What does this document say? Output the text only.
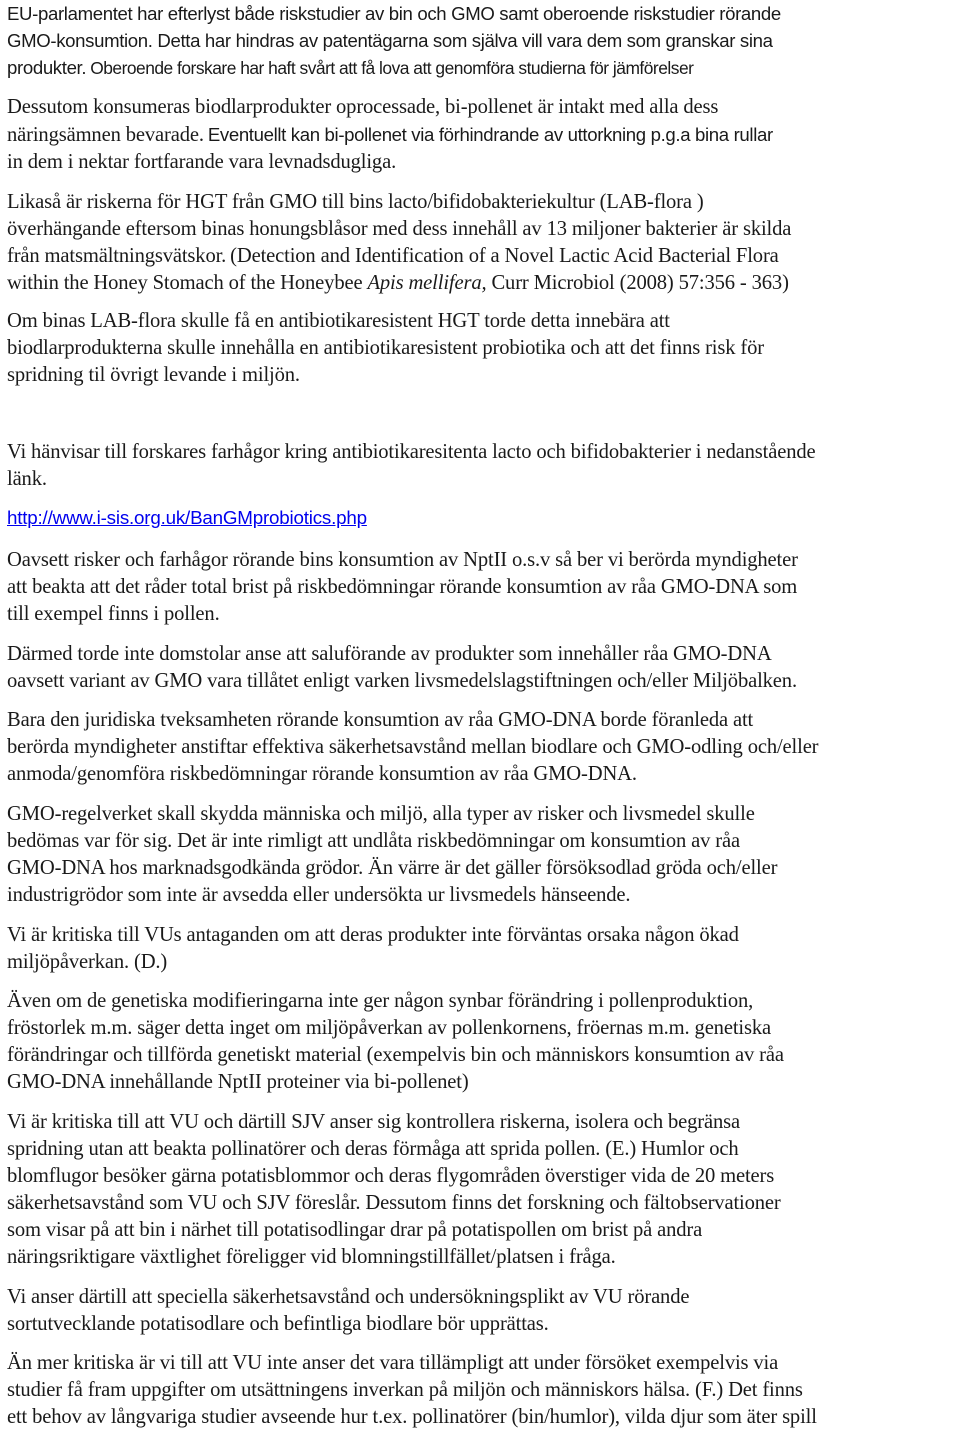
EU-parlamentet har efterlyst både riskstudier av bin och GMO samt oberoende riskstudier rörande
GMO-konsumtion. Detta har hindras av patentägarna som själva vill vara dem som granskar sina
produkter. Oberoende forskare har haft svårt att få lova att genomföra studierna för jämförelser
Dessutom konsumeras biodlarprodukter oprocessade, bi-pollenet är intakt med alla dess
näringsämnen bevarade. Eventuellt kan bi-pollenet via förhindrande av uttorkning p.g.a bina rullar
in dem i nektar fortfarande vara levnadsdugliga.
Likaså är riskerna för HGT från GMO till bins lacto/bifidobakteriekultur (LAB-flora )
överhängande eftersom binas honungsblåsor med dess innehåll av 13 miljoner bakterier är skilda
från matsmältningsvätskor. (Detection and Identification of a Novel Lactic Acid Bacterial Flora
within the Honey Stomach of the Honeybee Apis mellifera, Curr Microbiol (2008) 57:356 - 363)
Om binas LAB-flora skulle få en antibiotikaresistent HGT torde detta innebära att
biodlarprodukterna skulle innehålla en antibiotikaresistent probiotika och att det finns risk för
spridning til övrigt levande i miljön.
Vi hänvisar till forskares farhågor kring antibiotikaresitenta lacto och bifidobakterier i nedanstående
länk.
http://www.i-sis.org.uk/BanGMprobiotics.php
Oavsett risker och farhågor rörande bins konsumtion av NptII o.s.v så ber vi berörda myndigheter
att beakta att det råder total brist på riskbedömningar rörande konsumtion av råa GMO-DNA som
till exempel finns i pollen.
Därmed torde inte domstolar anse att saluförande av produkter som innehåller råa GMO-DNA
oavsett variant av GMO vara tillåtet enligt varken livsmedelslagstiftningen och/eller Miljöbalken.
Bara den juridiska tveksamheten rörande konsumtion av råa GMO-DNA borde föranleda att
berörda myndigheter anstiftar effektiva säkerhetsavstånd mellan biodlare och GMO-odling och/eller
anmoda/genomföra riskbedömningar rörande konsumtion av råa GMO-DNA.
GMO-regelverket skall skydda människa och miljö, alla typer av risker och livsmedel skulle
bedömas var för sig. Det är inte rimligt att undlåta riskbedömningar om konsumtion av råa
GMO-DNA hos marknadsgodkända grödor. Än värre är det gäller försöksodlad gröda och/eller
industrigrödor som inte är avsedda eller undersökta ur livsmedels hänseende.
Vi är kritiska till VUs antaganden om att deras produkter inte förväntas orsaka någon ökad
miljöpåverkan. (D.)
Även om de genetiska modifieringarna inte ger någon synbar förändring i pollenproduktion,
fröstorlek m.m. säger detta inget om miljöpåverkan av pollenkornens, fröernas m.m. genetiska
förändringar och tillförda genetiskt material (exempelvis bin och människors konsumtion av råa
GMO-DNA innehållande NptII proteiner via bi-pollenet)
Vi är kritiska till att VU och därtill SJV anser sig kontrollera riskerna, isolera och begränsa
spridning utan att beakta pollinatörer och deras förmåga att sprida pollen. (E.) Humlor och
blomflugor besöker gärna potatisblommor och deras flygområden överstiger vida de 20 meters
säkerhetsavstånd som VU och SJV föreslår. Dessutom finns det forskning och fältobservationer
som visar på att bin i närhet till potatisodlingar drar på potatispollen om brist på andra
näringsriktigare växtlighet föreligger vid blomningstillfället/platsen i fråga.
Vi anser därtill att speciella säkerhetsavstånd och undersökningsplikt av VU rörande
sortutvecklande potatisodlare och befintliga biodlare bör upprättas.
Än mer kritiska är vi till att VU inte anser det vara tillämpligt att under försöket exempelvis via
studier få fram uppgifter om utsättningens inverkan på miljön och människors hälsa. (F.) Det finns
ett behov av långvariga studier avseende hur t.ex. pollinatörer (bin/humlor), vilda djur som äter spill
